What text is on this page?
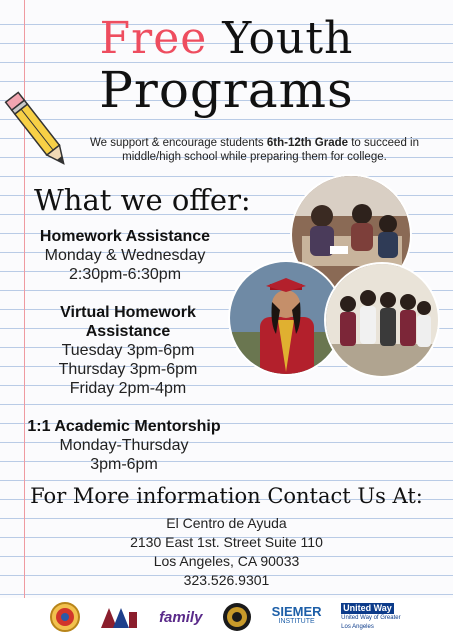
Free Youth
Programs
We support & encourage students 6th-12th Grade to succeed in middle/high school while preparing them for college.
What we offer:
Homework Assistance
Monday & Wednesday
2:30pm-6:30pm
Virtual Homework
Assistance
Tuesday 3pm-6pm
Thursday 3pm-6pm
Friday 2pm-4pm
1:1 Academic Mentorship
Monday-Thursday
3pm-6pm
For More information Contact Us At:
El Centro de Ayuda
2130 East 1st. Street Suite 110
Los Angeles, CA 90033
323.526.9301
family	SIEMER
INSTITUTE
United Way
United Way of Greater Los Angeles
